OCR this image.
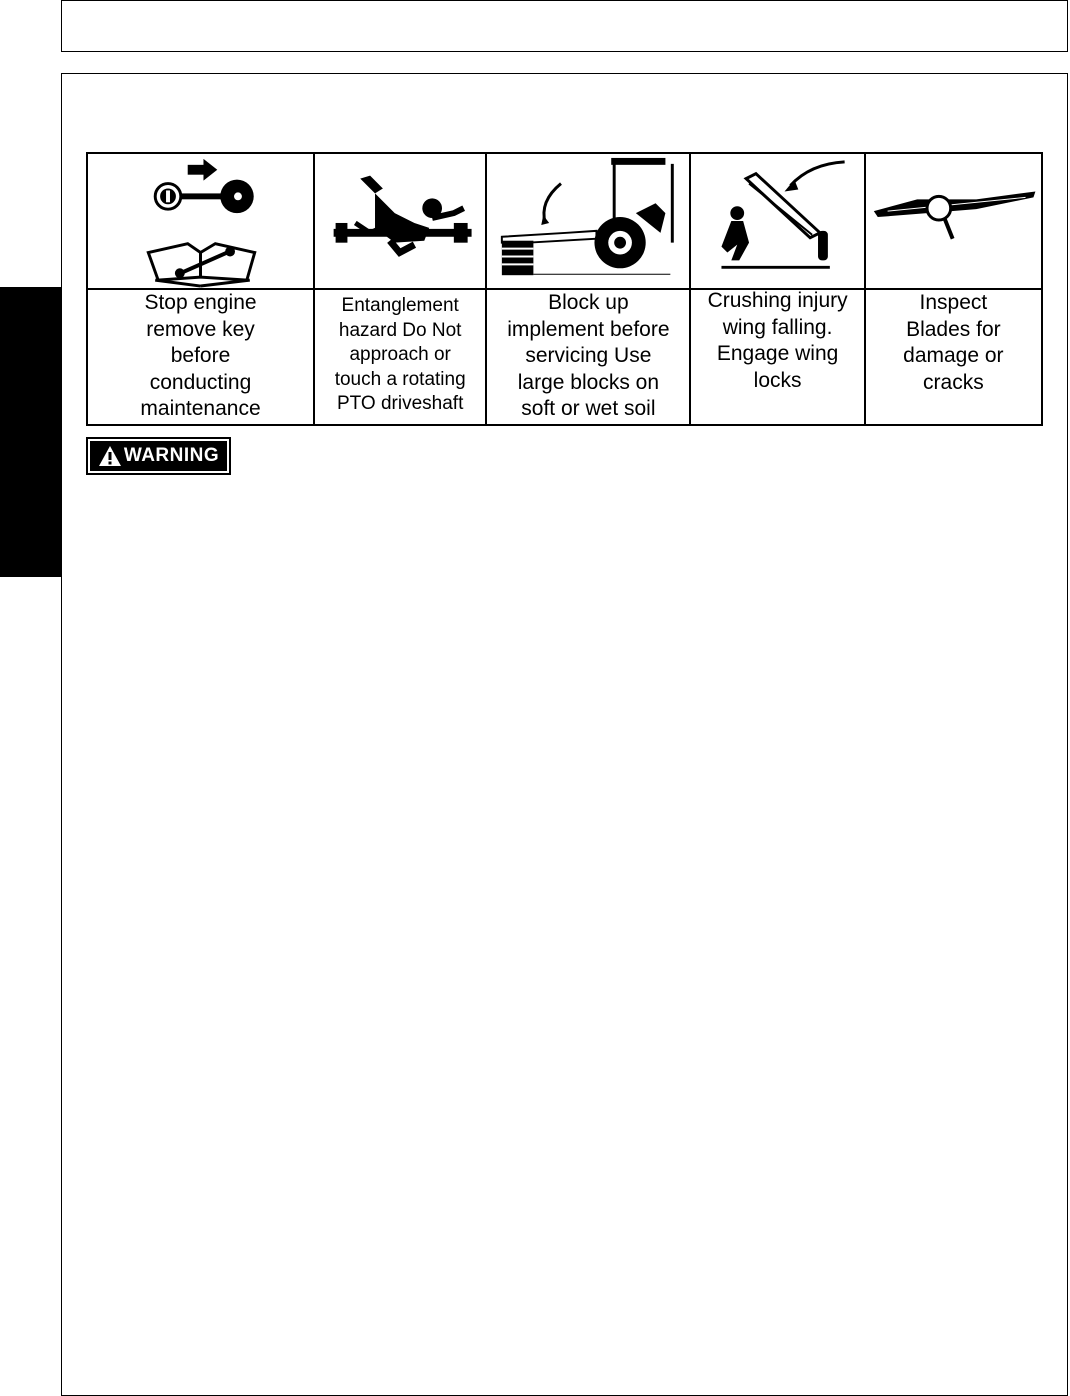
Stop engine
remove key
before
conducting
maintenance
Entanglement
hazard Do Not
approach or
touch a rotating
PTO driveshaft
Block up
implement before
servicing Use
large blocks on
soft or wet soil
Crushing injury
wing falling.
Engage wing
locks
Inspect
Blades for
damage or
cracks
WARNING
